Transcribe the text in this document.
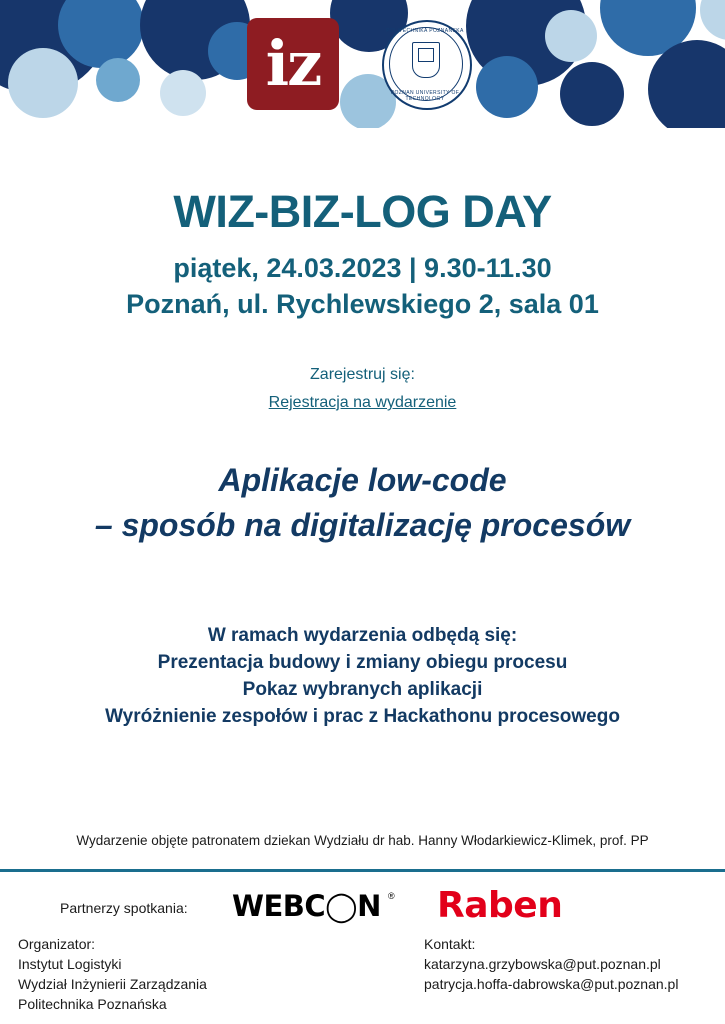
iz	POLITECHNIKA POZNAŃSKA
POZNAN UNIVERSITY OF TECHNOLOGY
WIZ-BIZ-LOG DAY
piątek, 24.03.2023 | 9.30-11.30
Poznań, ul. Rychlewskiego 2, sala 01
Zarejestruj się:
Rejestracja na wydarzenie
Aplikacje low-code
– sposób na digitalizację procesów
W ramach wydarzenia odbędą się:
Prezentacja budowy i zmiany obiegu procesu
Pokaz wybranych aplikacji
Wyróżnienie zespołów i prac z Hackathonu procesowego
Wydarzenie objęte patronatem dziekan Wydziału dr hab. Hanny Włodarkiewicz-Klimek, prof. PP
Partnerzy spotkania: WEBC◯N ® Raben
Organizator:
Instytut Logistyki
Wydział Inżynierii Zarządzania
Politechnika Poznańska
Kontakt:
katarzyna.grzybowska@put.poznan.pl
patrycja.hoffa-dabrowska@put.poznan.pl
